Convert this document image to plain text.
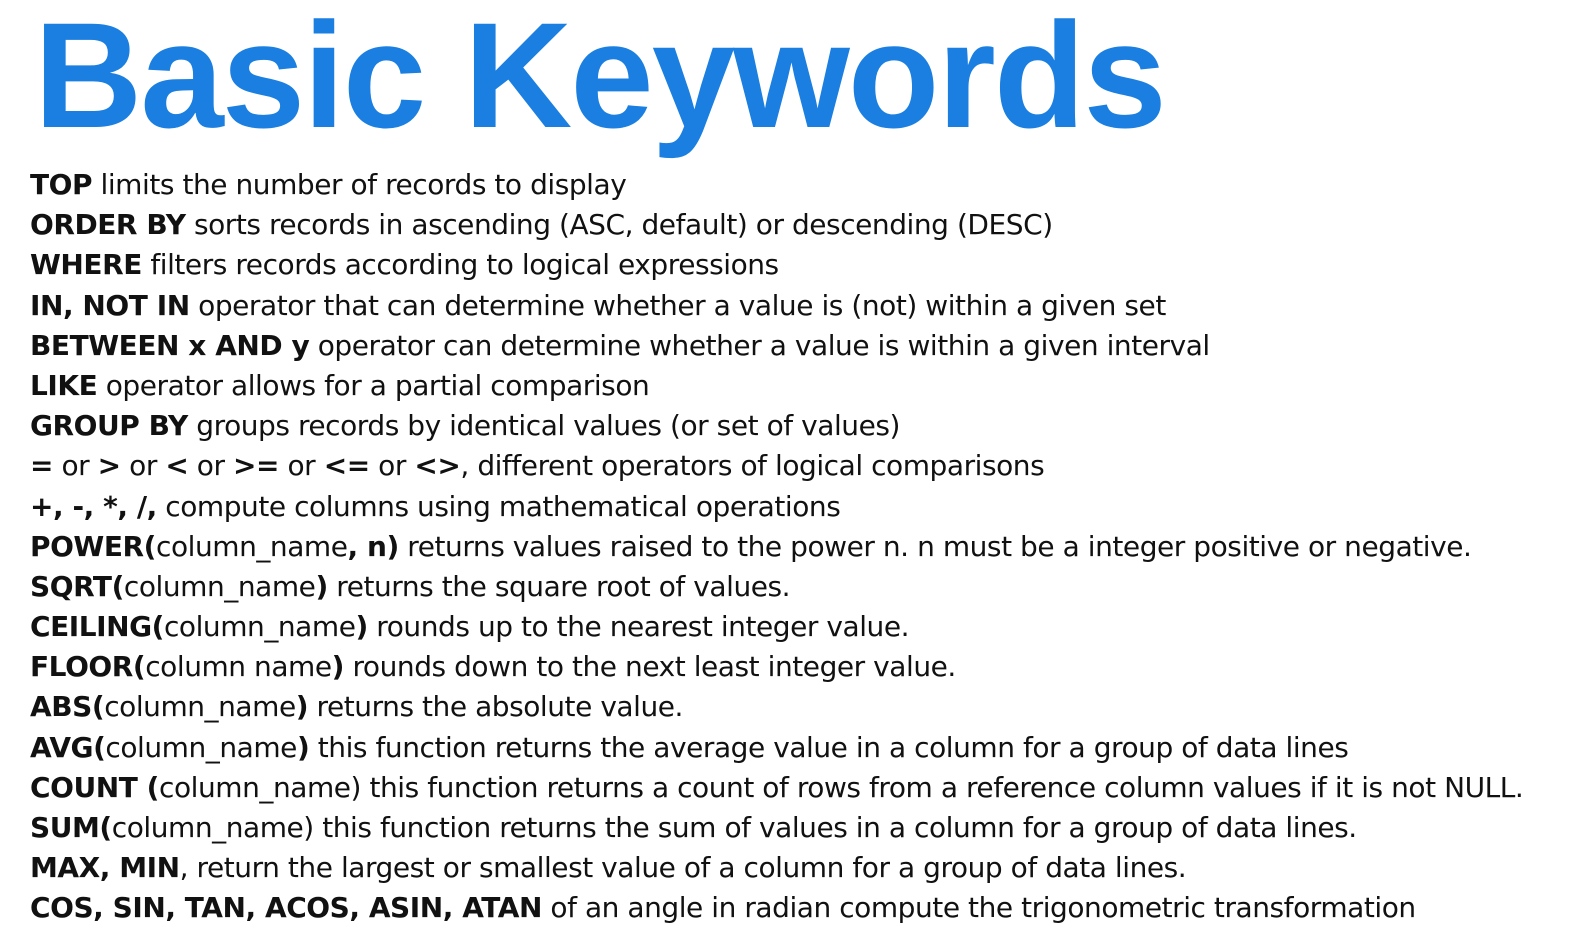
Basic Keywords
TOP limits the number of records to display
ORDER BY sorts records in ascending (ASC, default) or descending (DESC)
WHERE filters records according to logical expressions
IN, NOT IN operator that can determine whether a value is (not) within a given set
BETWEEN x AND y operator can determine whether a value is within a given interval
LIKE operator allows for a partial comparison
GROUP BY groups records by identical values (or set of values)
= or > or < or >= or <= or <>, different operators of logical comparisons
+, -, *, /, compute columns using mathematical operations
POWER(column_name, n) returns values raised to the power n. n must be a integer positive or negative.
SQRT(column_name) returns the square root of values.
CEILING(column_name) rounds up to the nearest integer value.
FLOOR(column name) rounds down to the next least integer value.
ABS(column_name) returns the absolute value.
AVG(column_name) this function returns the average value in a column for a group of data lines
COUNT (column_name) this function returns a count of rows from a reference column values if it is not NULL.
SUM(column_name) this function returns the sum of values in a column for a group of data lines.
MAX, MIN, return the largest or smallest value of a column for a group of data lines.
COS, SIN, TAN, ACOS, ASIN, ATAN of an angle in radian compute the trigonometric transformation
